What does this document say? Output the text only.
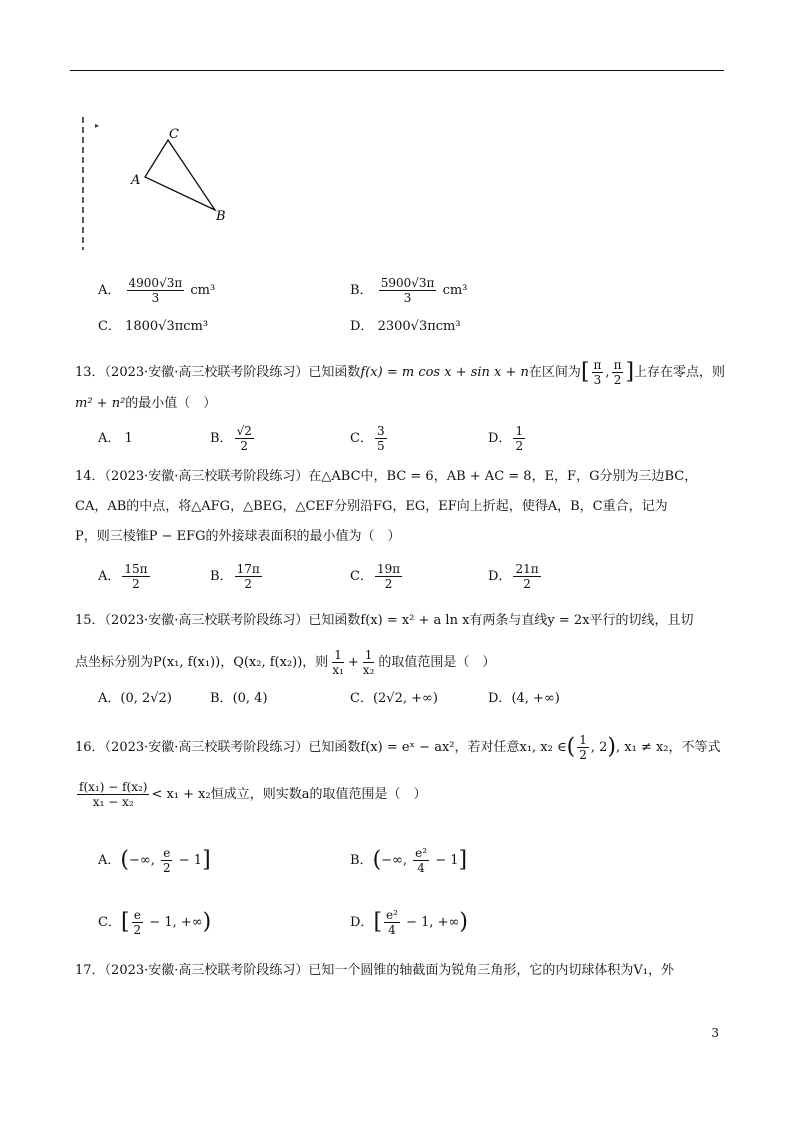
▸
C
A
B
A． $\frac{4900√3\pi}{3} cm^3$	B． $\frac{5900√3\pi}{3} cm^3$
C． 1800√3πcm³	D． 2300√3πcm³
13．（2023·安徽·高三校联考阶段练习）已知函数f(x) = m cos x + sin x + n在区间为[ $\frac{\pi}{3}$ , $\frac{\pi}{2}$ ]上存在零点，则
m² + n²的最小值（　）
A． 1	B． $\frac{√2}{2}$	C． $\frac{3}{5}$	D． $\frac{1}{2}$
14．（2023·安徽·高三校联考阶段练习）在△ABC中，BC = 6，AB + AC = 8，E，F，G分别为三边BC，
CA，AB的中点，将△AFG，△BEG，△CEF分别沿FG，EG，EF向上折起，使得A，B，C重合，记为
P，则三棱锥P − EFG的外接球表面积的最小值为（　）
A． $\frac{15\pi}{2}$	B． $\frac{17\pi}{2}$	C． $\frac{19\pi}{2}$	D． $\frac{21\pi}{2}$
15．（2023·安徽·高三校联考阶段练习）已知函数f(x) = x² + a ln x有两条与直线y = 2x平行的切线，且切
点坐标分别为P(x₁, f(x₁))，Q(x₂, f(x₂))，则 $\frac{1}{\text{x₁}} + \frac{1}{\text{x₂}}$ 的取值范围是（　）
A．(0, 2√2)	B．(0, 4)	C．(2√2, +∞)	D．(4, +∞)
16．（2023·安徽·高三校联考阶段练习）已知函数f(x) = eˣ − ax²，若对任意x₁, x₂ ∈( $\frac{1}{2}$ , 2), x₁ ≠ x₂，不等式
$\frac{\text{f(x₁) − f(x₂)}}{\text{x₁ − x₂}} < x_1 + x_2$恒成立，则实数a的取值范围是（　）
A．(−∞, $\frac{e}{2} - 1$]	B．(−∞, $\frac{\text{e²}}{4} - 1$]
C．[ $\frac{e}{2} - 1$, +∞)	D．[ $\frac{\text{e²}}{4} - 1$, +∞)
17．（2023·安徽·高三校联考阶段练习）已知一个圆锥的轴截面为锐角三角形，它的内切球体积为V₁，外
3
